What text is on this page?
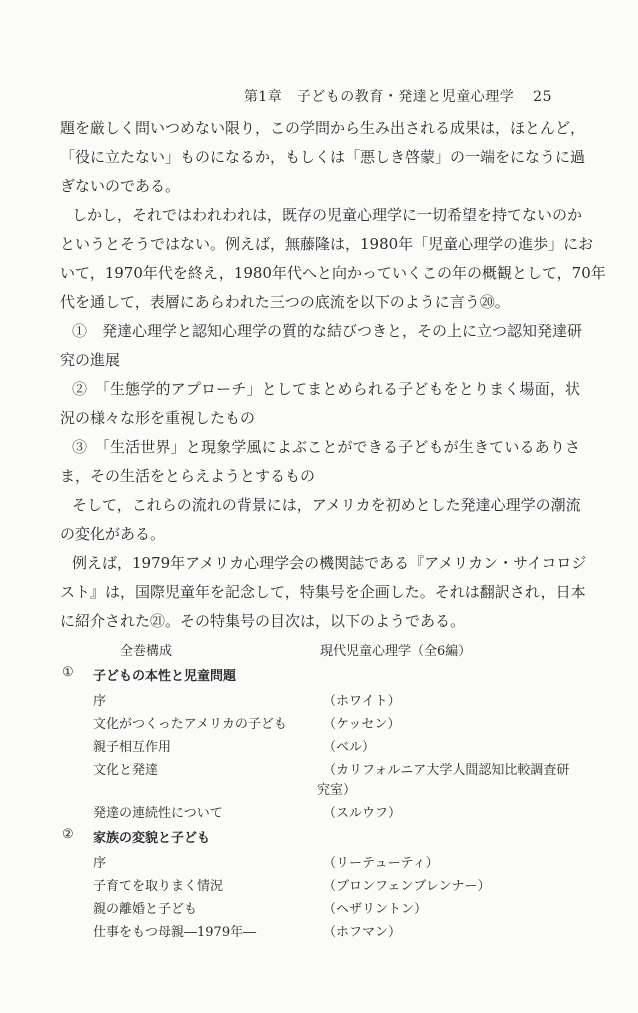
第1章　子どもの教育・発達と児童心理学 25
題を厳しく問いつめない限り，この学問から生み出される成果は，ほとんど，
「役に立たない」ものになるか，もしくは「悪しき啓蒙」の一端をになうに過
ぎないのである。
しかし，それではわれわれは，既存の児童心理学に一切希望を持てないのか
というとそうではない。例えば，無藤隆は，1980年「児童心理学の進歩」にお
いて，1970年代を終え，1980年代へと向かっていくこの年の概観として，70年
代を通して，表層にあらわれた三つの底流を以下のように言う⑳。
①　発達心理学と認知心理学の質的な結びつきと，その上に立つ認知発達研
究の進展
②　「生態学的アプローチ」としてまとめられる子どもをとりまく場面，状
況の様々な形を重視したもの
③　「生活世界」と現象学風によぶことができる子どもが生きているありさ
ま，その生活をとらえようとするもの
そして，これらの流れの背景には，アメリカを初めとした発達心理学の潮流
の変化がある。
例えば，1979年アメリカ心理学会の機関誌である『アメリカン・サイコロジ
スト』は，国際児童年を記念して，特集号を企画した。それは翻訳され，日本
に紹介された㉑。その特集号の目次は，以下のようである。
全巻構成	現代児童心理学（全6編）
① 子どもの本性と児童問題
序	（ホワイト）
文化がつくったアメリカの子ども	（ケッセン）
親子相互作用	（ベル）
文化と発達	（カリフォルニア大学人間認知比較調査研
究室）
発達の連続性について	（スルウフ）
② 家族の変貌と子ども
序	（リーテューティ）
子育てを取りまく情況	（ブロンフェンブレンナー）
親の離婚と子ども	（ヘザリントン）
仕事をもつ母親―1979年―	（ホフマン）
